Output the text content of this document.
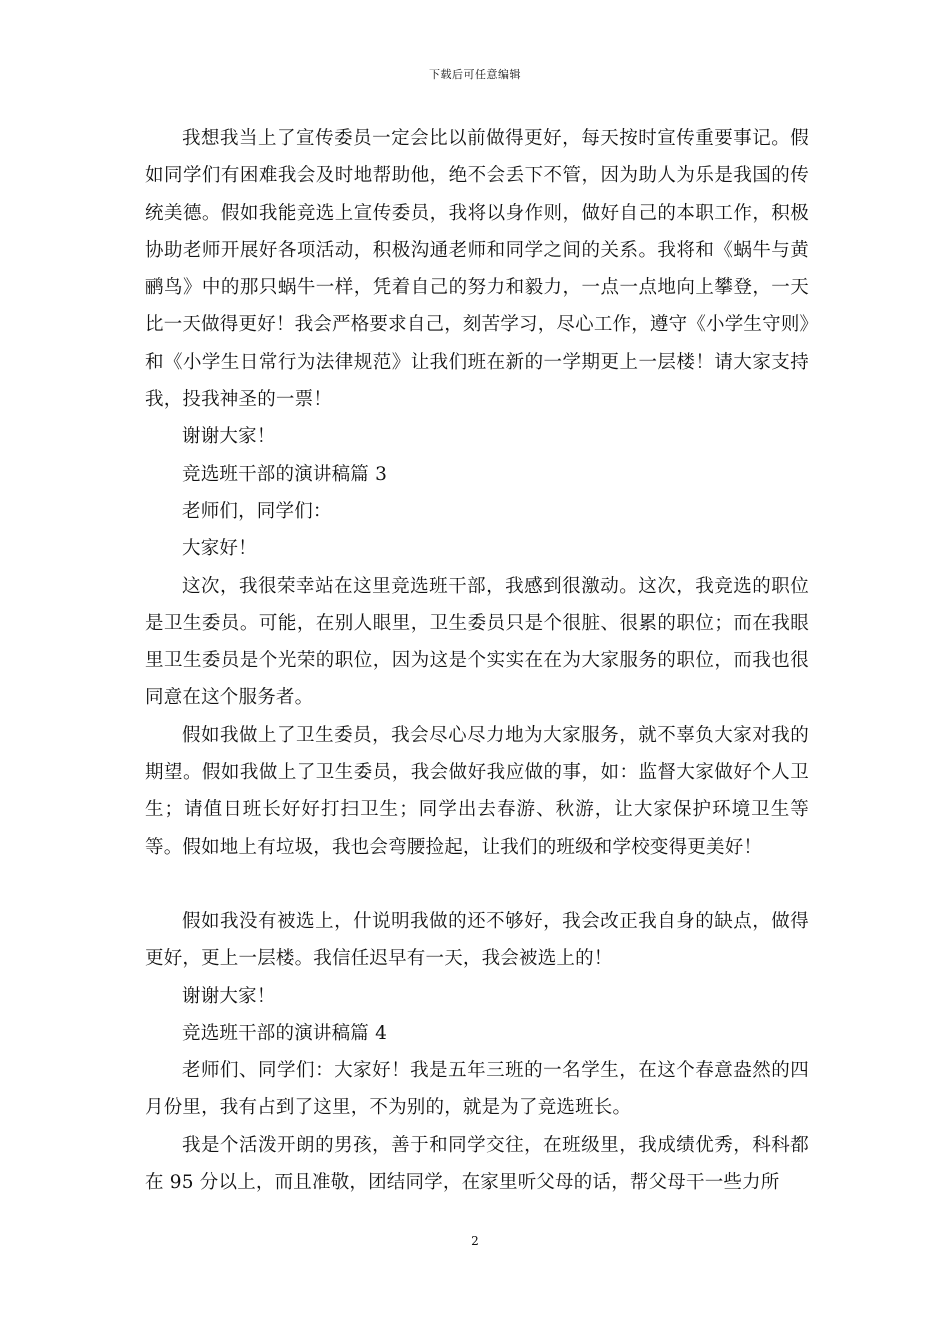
下载后可任意编辑

我想我当上了宣传委员一定会比以前做得更好，每天按时宣传重要事记。假如同学们有困难我会及时地帮助他，绝不会丢下不管，因为助人为乐是我国的传统美德。假如我能竞选上宣传委员，我将以身作则，做好自己的本职工作，积极协助老师开展好各项活动，积极沟通老师和同学之间的关系。我将和《蜗牛与黄鹂鸟》中的那只蜗牛一样，凭着自己的努力和毅力，一点一点地向上攀登，一天比一天做得更好！我会严格要求自己，刻苦学习，尽心工作，遵守《小学生守则》和《小学生日常行为法律规范》让我们班在新的一学期更上一层楼！请大家支持我，投我神圣的一票！

谢谢大家！

竞选班干部的演讲稿篇 3

老师们，同学们：

大家好！

这次，我很荣幸站在这里竞选班干部，我感到很激动。这次，我竞选的职位是卫生委员。可能，在别人眼里，卫生委员只是个很脏、很累的职位；而在我眼里卫生委员是个光荣的职位，因为这是个实实在在为大家服务的职位，而我也很同意在这个服务者。

假如我做上了卫生委员，我会尽心尽力地为大家服务，就不辜负大家对我的期望。假如我做上了卫生委员，我会做好我应做的事，如：监督大家做好个人卫生；请值日班长好好打扫卫生；同学出去春游、秋游，让大家保护环境卫生等等。假如地上有垃圾，我也会弯腰捡起，让我们的班级和学校变得更美好！

假如我没有被选上，什说明我做的还不够好，我会改正我自身的缺点，做得更好，更上一层楼。我信任迟早有一天，我会被选上的！

谢谢大家！

竞选班干部的演讲稿篇 4

老师们、同学们：大家好！我是五年三班的一名学生，在这个春意盎然的四月份里，我有占到了这里，不为别的，就是为了竞选班长。

我是个活泼开朗的男孩，善于和同学交往，在班级里，我成绩优秀，科科都在 95 分以上，而且准敬，团结同学，在家里听父母的话，帮父母干一些力所

2
